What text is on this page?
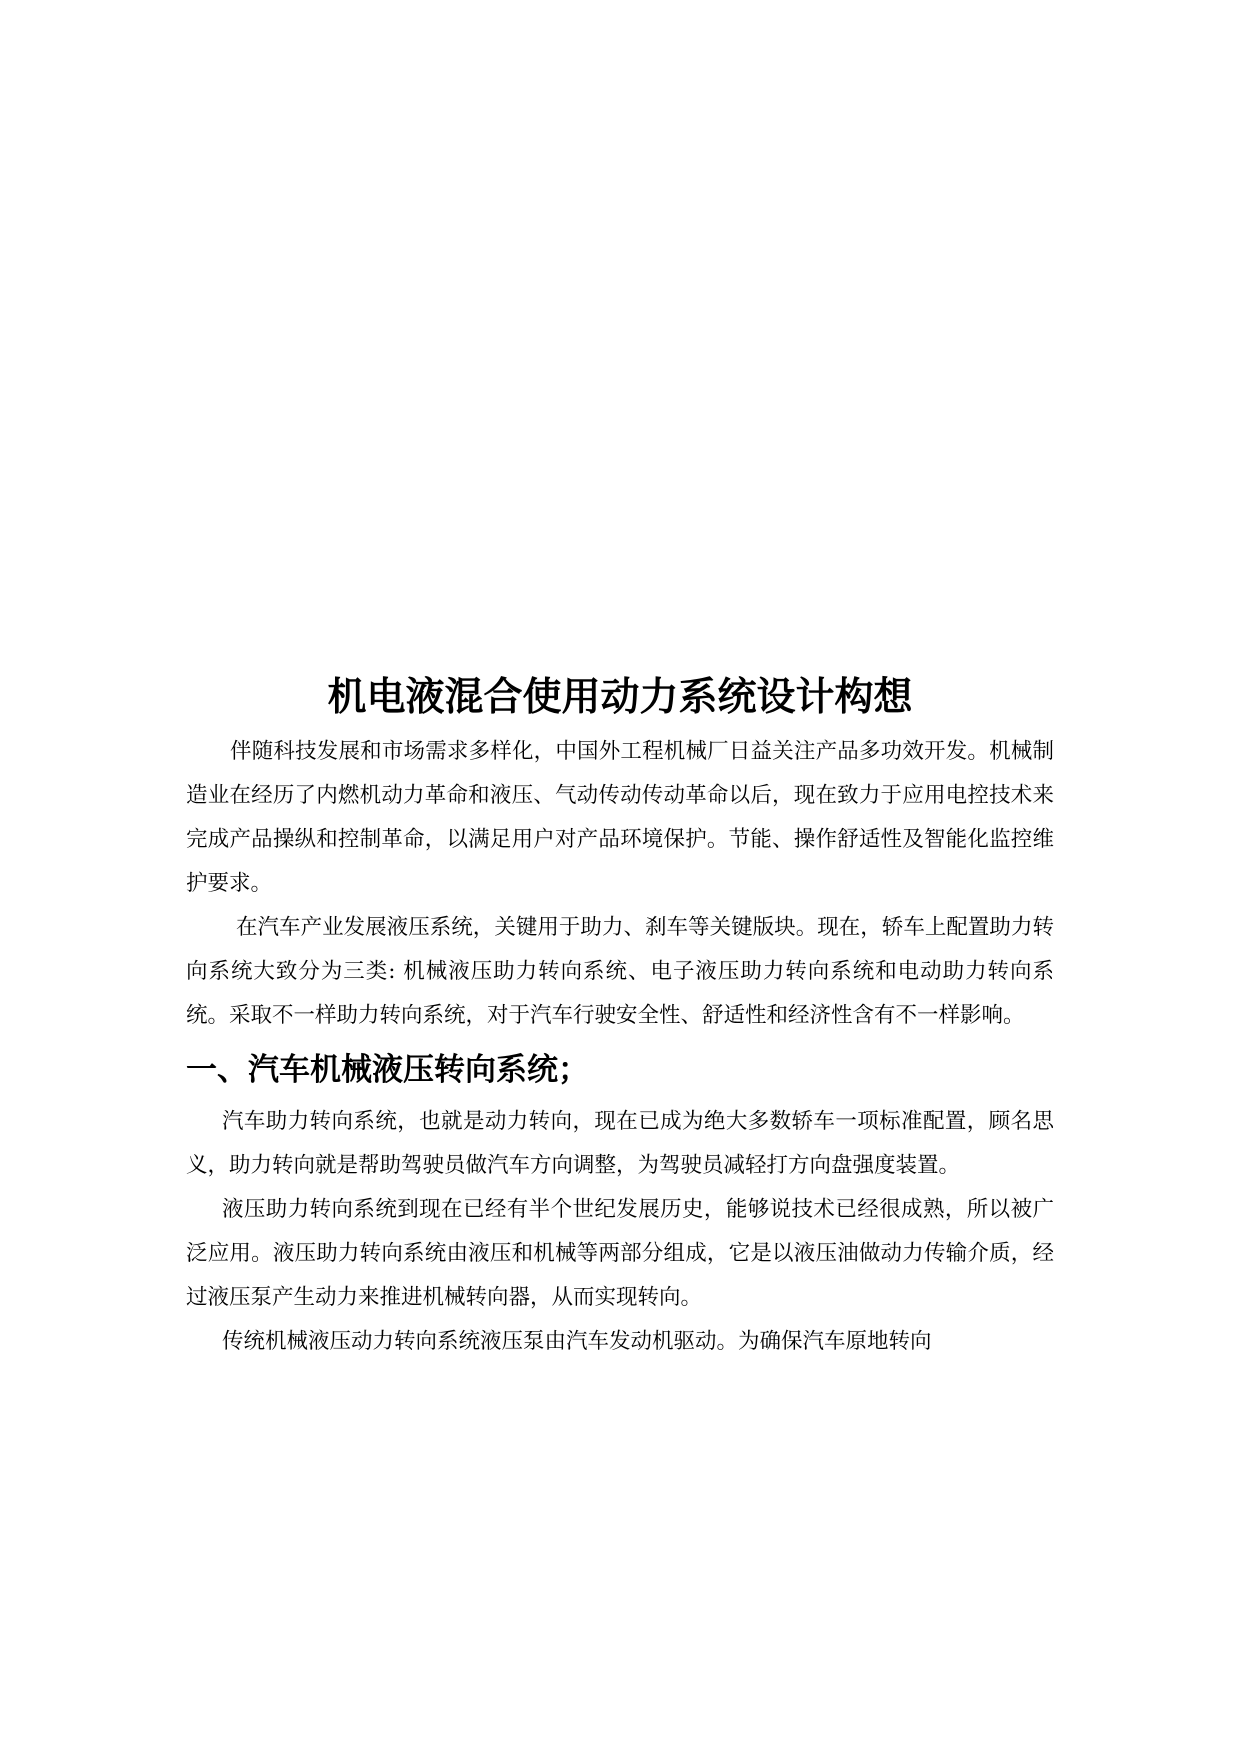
机电液混合使用动力系统设计构想

伴随科技发展和市场需求多样化，中国外工程机械厂日益关注产品多功效开发。机械制造业在经历了内燃机动力革命和液压、气动传动传动革命以后，现在致力于应用电控技术来完成产品操纵和控制革命，以满足用户对产品环境保护。节能、操作舒适性及智能化监控维护要求。

在汽车产业发展液压系统，关键用于助力、刹车等关键版块。现在，轿车上配置助力转向系统大致分为三类: 机械液压助力转向系统、电子液压助力转向系统和电动助力转向系统。采取不一样助力转向系统，对于汽车行驶安全性、舒适性和经济性含有不一样影响。

一、汽车机械液压转向系统；

汽车助力转向系统，也就是动力转向，现在已成为绝大多数轿车一项标准配置，顾名思义，助力转向就是帮助驾驶员做汽车方向调整，为驾驶员减轻打方向盘强度装置。

液压助力转向系统到现在已经有半个世纪发展历史，能够说技术已经很成熟，所以被广泛应用。液压助力转向系统由液压和机械等两部分组成，它是以液压油做动力传输介质，经过液压泵产生动力来推进机械转向器，从而实现转向。

传统机械液压动力转向系统液压泵由汽车发动机驱动。为确保汽车原地转向
